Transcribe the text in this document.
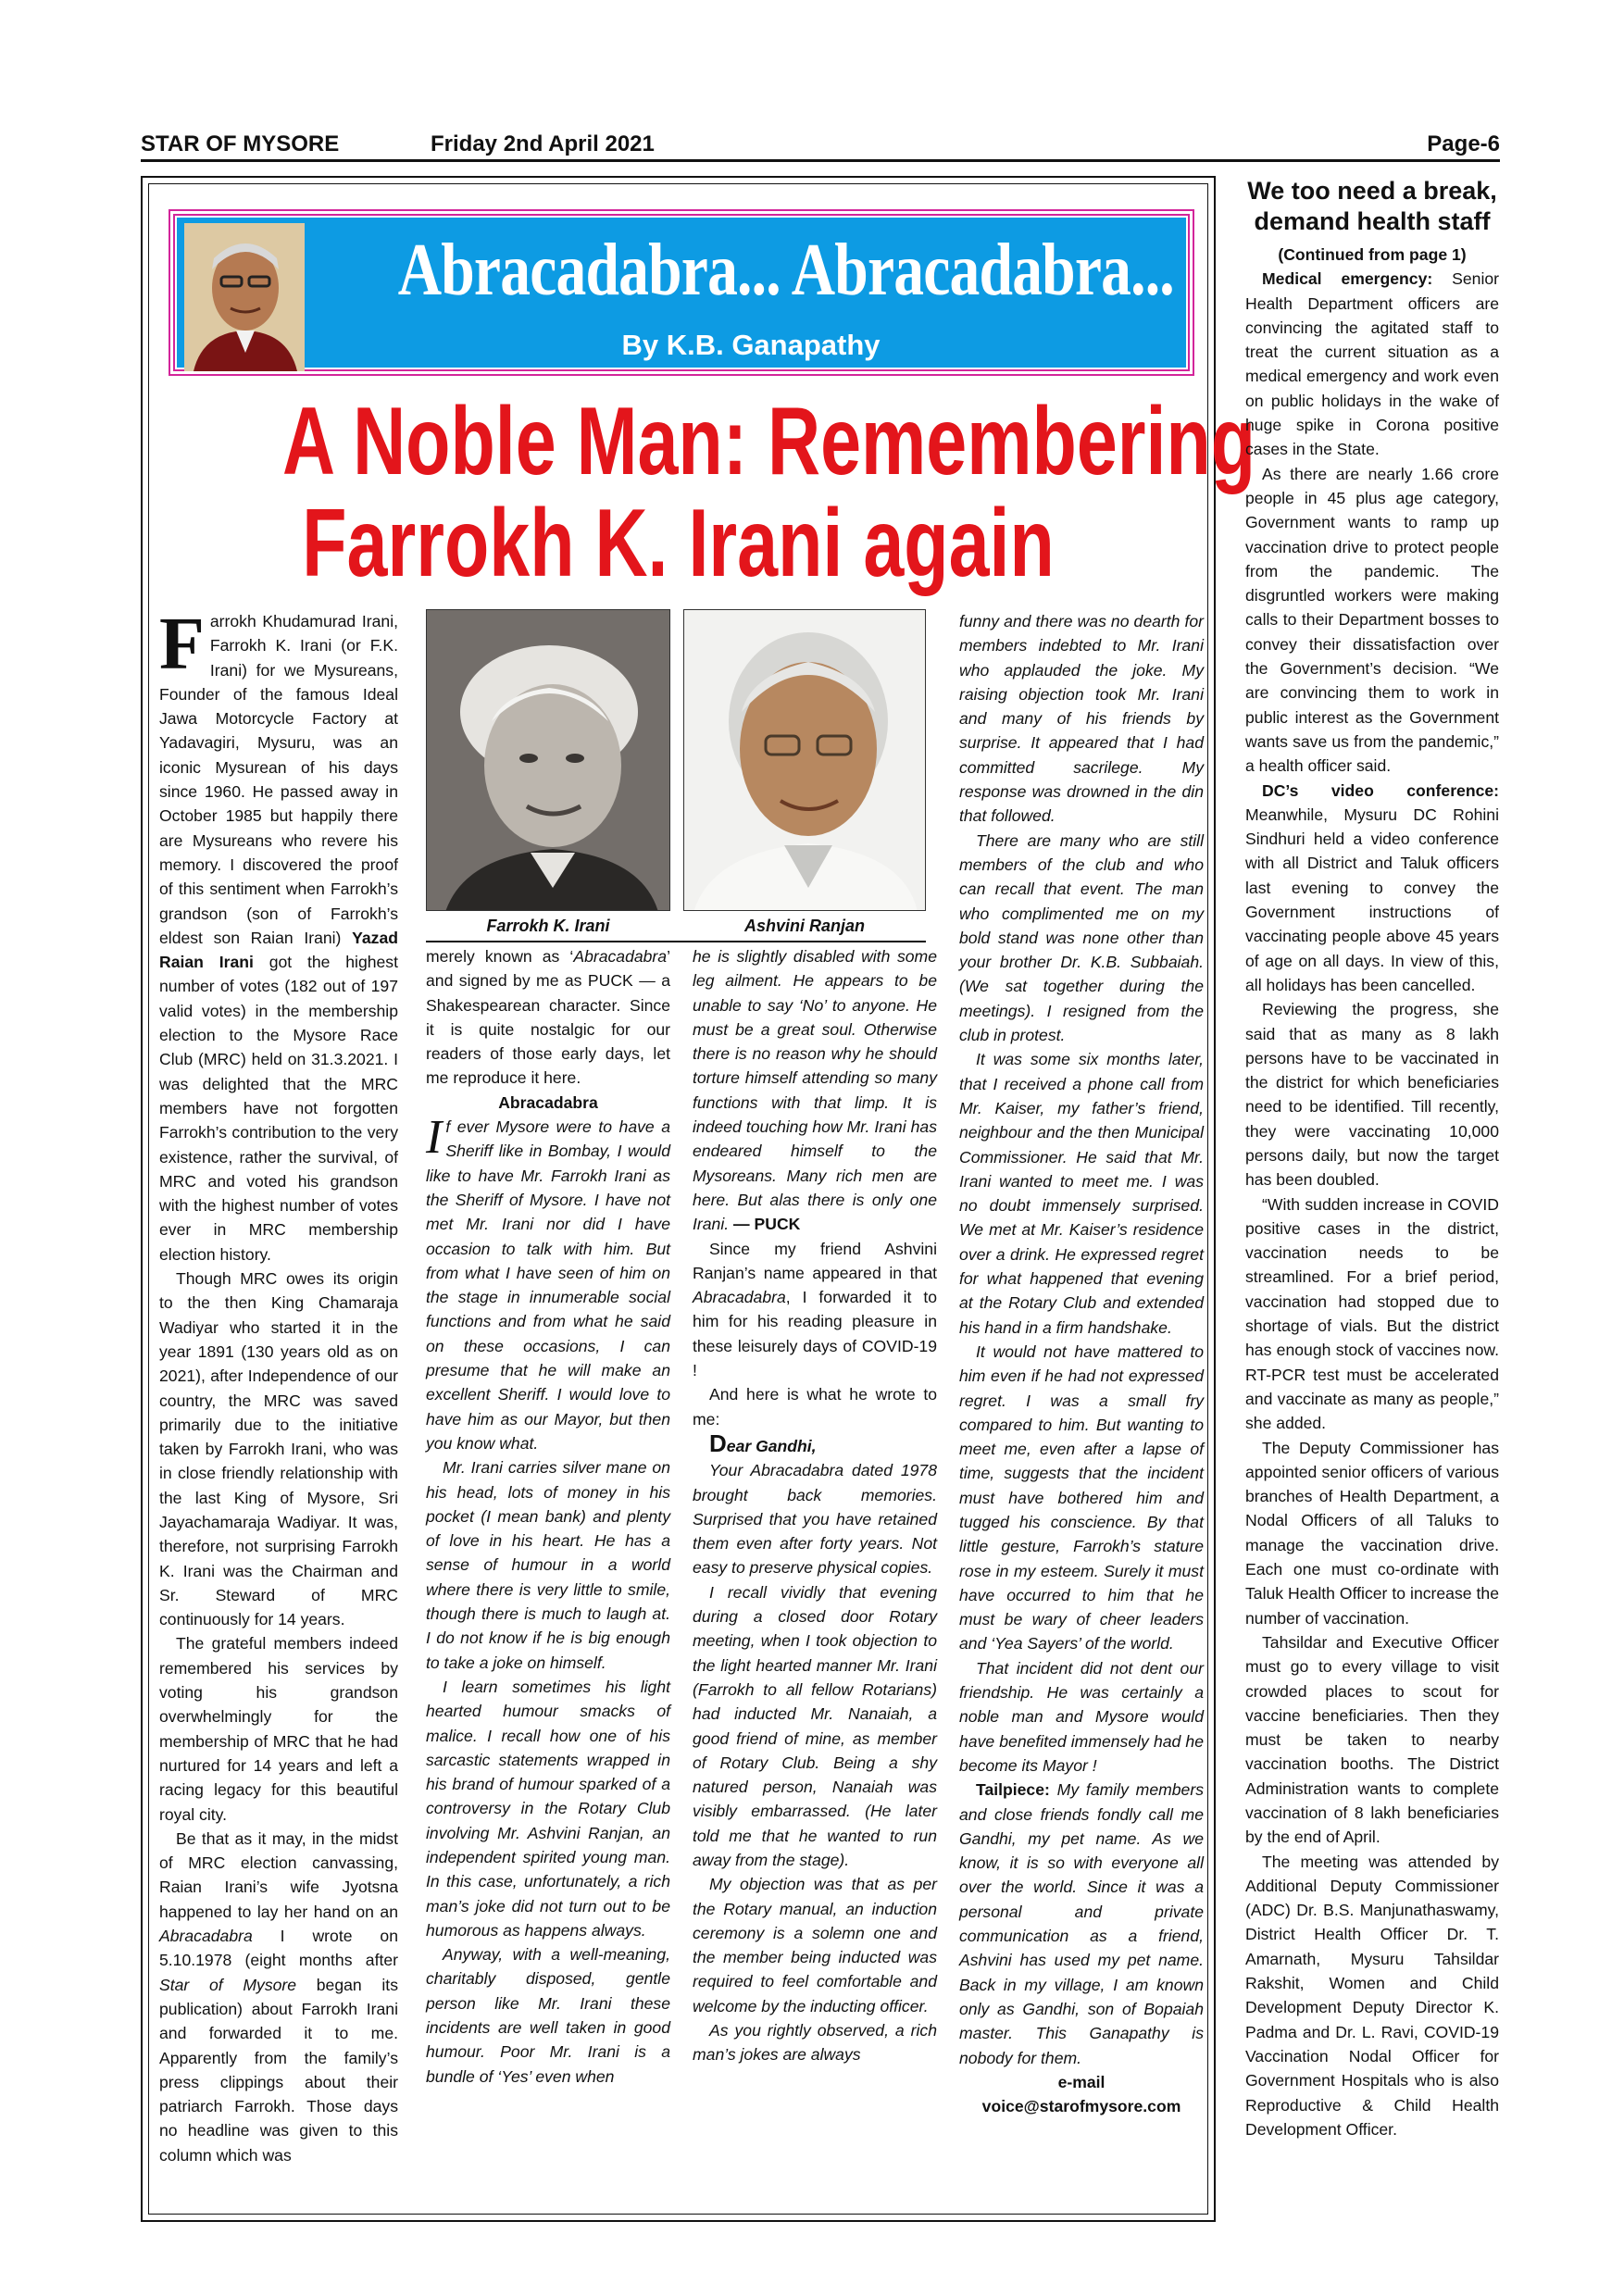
STAR OF MYSORE	Friday 2nd April 2021	Page-6
Abracadabra... Abracadabra...
By K.B. Ganapathy
A Noble Man: Remembering
Farrokh K. Irani again
Farrokh K. Irani	Ashvini Ranjan

Farrokh Khudamurad Irani, Farrokh K. Irani (or F.K. Irani) for we Mysureans, Founder of the famous Ideal Jawa Motorcycle Factory at Yadavagiri, Mysuru, was an iconic Mysurean of his days since 1960. He passed away in October 1985 but happily there are Mysureans who revere his memory. I discovered the proof of this sentiment when Farrokh’s grandson (son of Farrokh’s eldest son Raian Irani) Yazad Raian Irani got the highest number of votes (182 out of 197 valid votes) in the membership election to the Mysore Race Club (MRC) held on 31.3.2021. I was delighted that the MRC members have not forgotten Farrokh’s contribution to the very existence, rather the survival, of MRC and voted his grandson with the highest number of votes ever in MRC membership election history.

Though MRC owes its origin to the then King Chamaraja Wadiyar who started it in the year 1891 (130 years old as on 2021), after Independence of our country, the MRC was saved primarily due to the initiative taken by Farrokh Irani, who was in close friendly relationship with the last King of Mysore, Sri Jayachamaraja Wadiyar. It was, therefore, not surprising Farrokh K. Irani was the Chairman and Sr. Steward of MRC continuously for 14 years.

The grateful members indeed remembered his services by voting his grandson overwhelmingly for the membership of MRC that he had nurtured for 14 years and left a racing legacy for this beautiful royal city.

Be that as it may, in the midst of MRC election canvassing, Raian Irani’s wife Jyotsna happened to lay her hand on an Abracadabra I wrote on 5.10.1978 (eight months after Star of Mysore began its publication) about Farrokh Irani and forwarded it to me. Apparently from the family’s press clippings about their patriarch Farrokh. Those days no headline was given to this column which was

merely known as ‘Abracadabra’ and signed by me as PUCK — a Shakespearean character. Since it is quite nostalgic for our readers of those early days, let me reproduce it here.

Abracadabra

If ever Mysore were to have a Sheriff like in Bombay, I would like to have Mr. Farrokh Irani as the Sheriff of Mysore. I have not met Mr. Irani nor did I have occasion to talk with him. But from what I have seen of him on the stage in innumerable social functions and from what he said on these occasions, I can presume that he will make an excellent Sheriff. I would love to have him as our Mayor, but then you know what.

Mr. Irani carries silver mane on his head, lots of money in his pocket (I mean bank) and plenty of love in his heart. He has a sense of humour in a world where there is very little to smile, though there is much to laugh at. I do not know if he is big enough to take a joke on himself.

I learn sometimes his light hearted humour smacks of malice. I recall how one of his sarcastic statements wrapped in his brand of humour sparked of a controversy in the Rotary Club involving Mr. Ashvini Ranjan, an independent spirited young man. In this case, unfortunately, a rich man’s joke did not turn out to be humorous as happens always.

Anyway, with a well-meaning, charitably disposed, gentle person like Mr. Irani these incidents are well taken in good humour. Poor Mr. Irani is a bundle of ‘Yes’ even when

he is slightly disabled with some leg ailment. He appears to be unable to say ‘No’ to anyone. He must be a great soul. Otherwise there is no reason why he should torture himself attending so many functions with that limp. It is indeed touching how Mr. Irani has endeared himself to the Mysoreans. Many rich men are here. But alas there is only one Irani. — PUCK

Since my friend Ashvini Ranjan’s name appeared in that Abracadabra, I forwarded it to him for his reading pleasure in these leisurely days of COVID-19 !

And here is what he wrote to me:

Dear Gandhi,

Your Abracadabra dated 1978 brought back memories. Surprised that you have retained them even after forty years. Not easy to preserve physical copies.

I recall vividly that evening during a closed door Rotary meeting, when I took objection to the light hearted manner Mr. Irani (Farrokh to all fellow Rotarians) had inducted Mr. Nanaiah, a good friend of mine, as member of Rotary Club. Being a shy natured person, Nanaiah was visibly embarrassed. (He later told me that he wanted to run away from the stage).

My objection was that as per the Rotary manual, an induction ceremony is a solemn one and the member being inducted was required to feel comfortable and welcome by the inducting officer.

As you rightly observed, a rich man’s jokes are always

funny and there was no dearth for members indebted to Mr. Irani who applauded the joke. My raising objection took Mr. Irani and many of his friends by surprise. It appeared that I had committed sacrilege. My response was drowned in the din that followed.

There are many who are still members of the club and who can recall that event. The man who complimented me on my bold stand was none other than your brother Dr. K.B. Subbaiah. (We sat together during the meetings). I resigned from the club in protest.

It was some six months later, that I received a phone call from Mr. Kaiser, my father’s friend, neighbour and the then Municipal Commissioner. He said that Mr. Irani wanted to meet me. I was no doubt immensely surprised. We met at Mr. Kaiser’s residence over a drink. He expressed regret for what happened that evening at the Rotary Club and extended his hand in a firm handshake.

It would not have mattered to him even if he had not expressed regret. I was a small fry compared to him. But wanting to meet me, even after a lapse of time, suggests that the incident must have bothered him and tugged his conscience. By that little gesture, Farrokh’s stature rose in my esteem. Surely it must have occurred to him that he must be wary of cheer leaders and ‘Yea Sayers’ of the world.

That incident did not dent our friendship. He was certainly a noble man and Mysore would have benefited immensely had he become its Mayor !

Tailpiece: My family members and close friends fondly call me Gandhi, my pet name. As we know, it is so with everyone all over the world. Since it was a personal and private communication as a friend, Ashvini has used my pet name. Back in my village, I am known only as Gandhi, son of Bopaiah master. This Ganapathy is nobody for them.

e-mail

voice@starofmysore.com

We too need a break, demand health staff

(Continued from page 1)

Medical emergency: Senior Health Department officers are convincing the agitated staff to treat the current situation as a medical emergency and work even on public holidays in the wake of huge spike in Corona positive cases in the State.

As there are nearly 1.66 crore people in 45 plus age category, Government wants to ramp up vaccination drive to protect people from the pandemic. The disgruntled workers were making calls to their Department bosses to convey their dissatisfaction over the Government’s decision. “We are convincing them to work in public interest as the Government wants save us from the pandemic,” a health officer said.

DC’s video conference: Meanwhile, Mysuru DC Rohini Sindhuri held a video conference with all District and Taluk officers last evening to convey the Government instructions of vaccinating people above 45 years of age on all days. In view of this, all holidays has been cancelled.

Reviewing the progress, she said that as many as 8 lakh persons have to be vaccinated in the district for which beneficiaries need to be identified. Till recently, they were vaccinating 10,000 persons daily, but now the target has been doubled.

“With sudden increase in COVID positive cases in the district, vaccination needs to be streamlined. For a brief period, vaccination had stopped due to shortage of vials. But the district has enough stock of vaccines now. RT-PCR test must be accelerated and vaccinate as many as people,” she added.

The Deputy Commissioner has appointed senior officers of various branches of Health Department, a Nodal Officers of all Taluks to manage the vaccination drive. Each one must co-ordinate with Taluk Health Officer to increase the number of vaccination.

Tahsildar and Executive Officer must go to every village to visit crowded places to scout for vaccine beneficiaries. Then they must be taken to nearby vaccination booths. The District Administration wants to complete vaccination of 8 lakh beneficiaries by the end of April.

The meeting was attended by Additional Deputy Commissioner (ADC) Dr. B.S. Manjunathaswamy, District Health Officer Dr. T. Amarnath, Mysuru Tahsildar Rakshit, Women and Child Development Deputy Director K. Padma and Dr. L. Ravi, COVID-19 Vaccination Nodal Officer for Government Hospitals who is also Reproductive & Child Health Development Officer.
